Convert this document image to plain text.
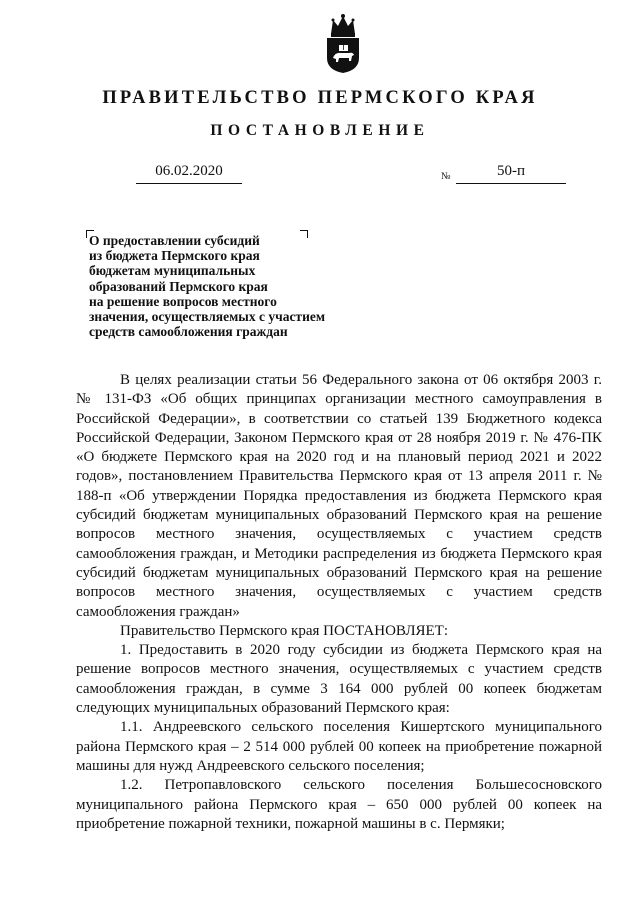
ПРАВИТЕЛЬСТВО ПЕРМСКОГО КРАЯ
ПОСТАНОВЛЕНИЕ
06.02.2020	№	50-п
О предоставлении субсидий
из бюджета Пермского края
бюджетам муниципальных
образований Пермского края
на решение вопросов местного
значения, осуществляемых с участием
средств самообложения граждан

В целях реализации статьи 56 Федерального закона от 06 октября 2003 г. № 131-ФЗ «Об общих принципах организации местного самоуправления в Российской Федерации», в соответствии со статьей 139 Бюджетного кодекса Российской Федерации, Законом Пермского края от 28 ноября 2019 г. № 476-ПК «О бюджете Пермского края на 2020 год и на плановый период 2021 и 2022 годов», постановлением Правительства Пермского края от 13 апреля 2011 г. № 188-п «Об утверждении Порядка предоставления из бюджета Пермского края субсидий бюджетам муниципальных образований Пермского края на решение вопросов местного значения, осуществляемых с участием средств самообложения граждан, и Методики распределения из бюджета Пермского края субсидий бюджетам муниципальных образований Пермского края на решение вопросов местного значения, осуществляемых с участием средств самообложения граждан»

Правительство Пермского края ПОСТАНОВЛЯЕТ:

1. Предоставить в 2020 году субсидии из бюджета Пермского края на решение вопросов местного значения, осуществляемых с участием средств самообложения граждан, в сумме 3 164 000 рублей 00 копеек бюджетам следующих муниципальных образований Пермского края:

1.1. Андреевского сельского поселения Кишертского муниципального района Пермского края – 2 514 000 рублей 00 копеек на приобретение пожарной машины для нужд Андреевского сельского поселения;

1.2. Петропавловского сельского поселения Большесосновского муниципального района Пермского края – 650 000 рублей 00 копеек на приобретение пожарной техники, пожарной машины в с. Пермяки;
